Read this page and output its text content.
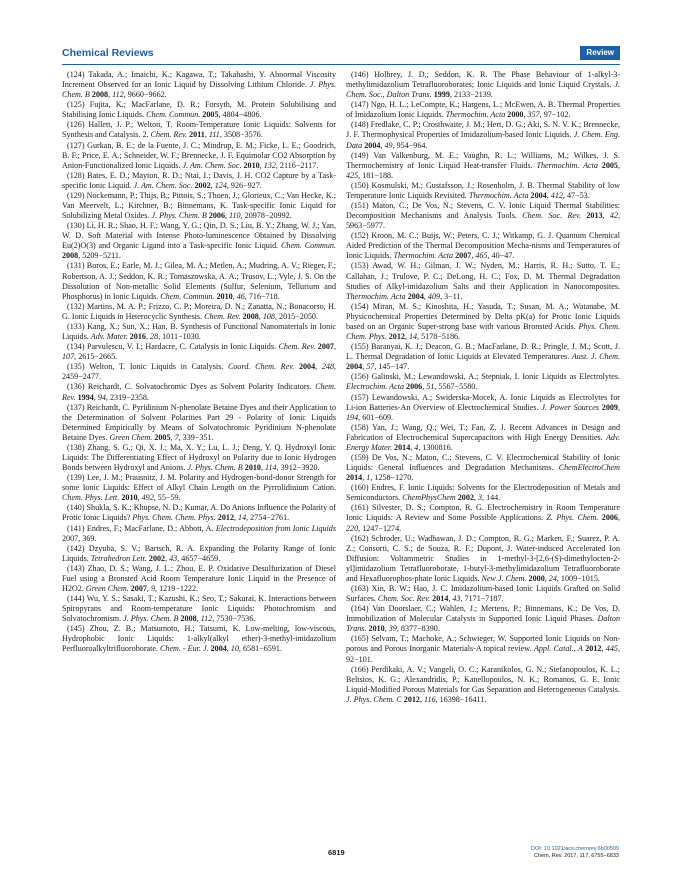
Chemical Reviews	Review

(124) Takada, A.; Imaichi, K.; Kagawa, T.; Takahashi, Y. Abnormal Viscosity Increment Observed for an Ionic Liquid by Dissolving Lithium Chloride. J. Phys. Chem. B 2008, 112, 9660−9662.

(125) Fujita, K.; MacFarlane, D. R.; Forsyth, M. Protein Solubilising and Stabilising Ionic Liquids. Chem. Commun. 2005, 4804−4806.

(126) Hallett, J. P.; Welton, T. Room-Temperature Ionic Liquids: Solvents for Synthesis and Catalysis. 2. Chem. Rev. 2011, 111, 3508−3576.

(127) Gurkan, B. E.; de la Fuente, J. C.; Mindrup, E. M.; Ficke, L. E.; Goodrich, B. F.; Price, E. A.; Schneider, W. F.; Brennecke, J. F. Equimolar CO2 Absorption by Anion-Functionalized Ionic Liquids. J. Am. Chem. Soc. 2010, 132, 2116−2117.

(128) Bates, E. D.; Mayton, R. D.; Ntai, I.; Davis, J. H. CO2 Capture by a Task-specific Ionic Liquid. J. Am. Chem. Soc. 2002, 124, 926−927.

(129) Nockemann, P.; Thijs, B.; Pittois, S.; Thoen, J.; Glorieux, C.; Van Hecke, K.; Van Meervelt, L.; Kirchner, B.; Binnemans, K. Task-specific Ionic Liquid for Solubilizing Metal Oxides. J. Phys. Chem. B 2006, 110, 20978−20992.

(130) Li, H. R.; Shao, H. F.; Wang, Y. G.; Qin, D. S.; Liu, B. Y.; Zhang, W. J.; Yan, W. D. Soft Material with Intense Photo-luminescence Obtained by Dissolving Eu(2)O(3) and Organic Ligand into a Task-specific Ionic Liquid. Chem. Commun. 2008, 5209−5211.

(131) Boros, E.; Earle, M. J.; Gilea, M. A.; Metlen, A.; Mudring, A. V.; Rieger, F.; Robertson, A. J.; Seddon, K. R.; Tomaszowska, A. A.; Trusov, L.; Vyle, J. S. On the Dissolution of Non-metallic Solid Elements (Sulfur, Selenium, Tellurium and Phosphorus) in Ionic Liquids. Chem. Commun. 2010, 46, 716−718.

(132) Martins, M. A. P.; Frizzo, C. P.; Moreira, D. N.; Zanatta, N.; Bonacorso, H. G. Ionic Liquids in Heterocyclic Synthesis. Chem. Rev. 2008, 108, 2015−2050.

(133) Kang, X.; Sun, X.; Han, B. Synthesis of Functional Nanomaterials in Ionic Liquids. Adv. Mater. 2016, 28, 1011−1030.

(134) Parvulescu, V. I.; Hardacre, C. Catalysis in Ionic Liquids. Chem. Rev. 2007, 107, 2615−2665.

(135) Welton, T. Ionic Liquids in Catalysis. Coord. Chem. Rev. 2004, 248, 2459−2477.

(136) Reichardt, C. Solvatochromic Dyes as Solvent Polarity Indicators. Chem. Rev. 1994, 94, 2319−2358.

(137) Reichardt, C. Pyridinium N-phenolate Betaine Dyes and their Application to the Determination of Solvent Polarities Part 29 - Polarity of Ionic Liquids Determined Empirically by Means of Solvatochromic Pyridinium N-phenolate Betaine Dyes. Green Chem. 2005, 7, 339−351.

(138) Zhang, S. G.; Qi, X. J.; Ma, X. Y.; Lu, L. J.; Deng, Y. Q. Hydroxyl Ionic Liquids: The Differentiating Effect of Hydroxyl on Polarity due to Ionic Hydrogen Bonds between Hydroxyl and Anions. J. Phys. Chem. B 2010, 114, 3912−3920.

(139) Lee, J. M.; Prausnitz, J. M. Polarity and Hydrogen-bond-donor Strength for some Ionic Liquids: Effect of Alkyl Chain Length on the Pyrrolidinium Cation. Chem. Phys. Lett. 2010, 492, 55−59.

(140) Shukla, S. K.; Khupse, N. D.; Kumar, A. Do Anions Influence the Polarity of Protic Ionic Liquids? Phys. Chem. Chem. Phys. 2012, 14, 2754−2761.

(141) Endres, F.; MacFarlane, D.; Abbott, A. Electrodeposition from Ionic Liquids 2007, 369.

(142) Dzyuba, S. V.; Bartsch, R. A. Expanding the Polarity Range of Ionic Liquids. Tetrahedron Lett. 2002, 43, 4657−4659.

(143) Zhao, D. S.; Wang, J. L.; Zhou, E. P. Oxidative Desulfurization of Diesel Fuel using a Bronsted Acid Room Temperature Ionic Liquid in the Presence of H2O2. Green Chem. 2007, 9, 1219−1222.

(144) Wu, Y. S.; Sasaki, T.; Kazushi, K.; Seo, T.; Sakurai, K. Interactions between Spiropyrans and Room-temperature Ionic Liquids: Photochromism and Solvatochromism. J. Phys. Chem. B 2008, 112, 7530−7536.

(145) Zhou, Z. B.; Matsumoto, H.; Tatsumi, K. Low-melting, low-viscous, Hydrophobic Ionic Liquids: 1-alkyl(alkyl ether)-3-methyl-imidazolium Perfluoroalkyltrifluoroborate. Chem. - Eur. J. 2004, 10, 6581−6591.

(146) Holbrey, J. D.; Seddon, K. R. The Phase Behaviour of 1-alkyl-3-methylimidazolium Tetrafluoroborates; Ionic Liquids and Ionic Liquid Crystals. J. Chem. Soc., Dalton Trans. 1999, 2133−2139.

(147) Ngo, H. L.; LeCompte, K.; Hargens, L.; McEwen, A. B. Thermal Properties of Imidazolium Ionic Liquids. Thermochim. Acta 2000, 357, 97−102.

(148) Fredlake, C. P.; Crosthwaite, J. M.; Hert, D. G.; Aki, S. N. V. K.; Brennecke, J. F. Thermophysical Properties of Imidazolium-based Ionic Liquids. J. Chem. Eng. Data 2004, 49, 954−964.

(149) Van Valkenburg, M. E.; Vaughn, R. L.; Williams, M.; Wilkes, J. S. Thermochemistry of Ionic Liquid Heat-transfer Fluids. Thermochim. Acta 2005, 425, 181−188.

(150) Kosmulski, M.; Gustafsson, J.; Rosenholm, J. B. Thermal Stability of low Temperature Ionic Liquids Revisited. Thermochim. Acta 2004, 412, 47−53.

(151) Maton, C.; De Vos, N.; Stevens, C. V. Ionic Liquid Thermal Stabilities: Decomposition Mechanisms and Analysis Tools. Chem. Soc. Rev. 2013, 42, 5963−5977.

(152) Kroon, M. C.; Buijs, W.; Peters, C. J.; Witkamp, G. J. Quantum Chemical Aided Prediction of the Thermal Decomposition Mecha-nisms and Temperatures of Ionic Liquids. Thermochim. Acta 2007, 465, 40−47.

(153) Awad, W. H.; Gilman, J. W.; Nyden, M.; Harris, R. H.; Sutto, T. E.; Callahan, J.; Trulove, P. C.; DeLong, H. C.; Fox, D. M. Thermal Degradation Studies of Alkyl-imidazolium Salts and their Application in Nanocomposites. Thermochim. Acta 2004, 409, 3−11.

(154) Miran, M. S.; Kinoshita, H.; Yasuda, T.; Susan, M. A.; Watanabe, M. Physicochemical Properties Determined by Delta pK(a) for Protic Ionic Liquids based on an Organic Super-strong base with various Bronsted Acids. Phys. Chem. Chem. Phys. 2012, 14, 5178−5186.

(155) Baranyai, K. J.; Deacon, G. B.; MacFarlane, D. R.; Pringle, J. M.; Scott, J. L. Thermal Degradation of Ionic Liquids at Elevated Temperatures. Aust. J. Chem. 2004, 57, 145−147.

(156) Galinski, M.; Lewandowski, A.; Stepniak, I. Ionic Liquids as Electrolytes. Electrochim. Acta 2006, 51, 5567−5580.

(157) Lewandowski, A.; Swiderska-Mocek, A. Ionic Liquids as Electrolytes for Li-ion Batteries-An Overview of Electrochemical Studies. J. Power Sources 2009, 194, 601−609.

(158) Yan, J.; Wang, Q.; Wei, T.; Fan, Z. J. Recent Advances in Design and Fabrication of Electrochemical Supercapacitors with High Energy Densities. Adv. Energy Mater. 2014, 4, 1300816.

(159) De Vos, N.; Maton, C.; Stevens, C. V. Electrochemical Stability of Ionic Liquids: General Influences and Degradation Mechanisms. ChemElectroChem 2014, 1, 1258−1270.

(160) Endres, F. Ionic Liquids: Solvents for the Electrodeposition of Metals and Semiconductors. ChemPhysChem 2002, 3, 144.

(161) Silvester, D. S.; Compton, R. G. Electrochemistry in Room Temperature Ionic Liquids: A Review and Some Possible Applications. Z. Phys. Chem. 2006, 220, 1247−1274.

(162) Schroder, U.; Wadhawan, J. D.; Compton, R. G.; Marken, F.; Suarez, P. A. Z.; Consorti, C. S.; de Souza, R. F.; Dupont, J. Water-induced Accelerated Ion Diffusion: Voltammetric Studies in 1-methyl-3-[2,6-(S)-dimethylocten-2-yl]imidazolium Tetrafluoroborate, 1-butyl-3-methylimidazolium Tetrafluoroborate and Hexafluorophos-phate Ionic Liquids. New J. Chem. 2000, 24, 1009−1015.

(163) Xin, B. W.; Hao, J. C. Imidazolium-based Ionic Liquids Grafted on Solid Surfaces. Chem. Soc. Rev. 2014, 43, 7171−7187.

(164) Van Doorslaer, C.; Wahlen, J.; Mertens, P.; Binnemans, K.; De Vos, D. Immobilization of Molecular Catalysts in Supported Ionic Liquid Phases. Dalton Trans. 2010, 39, 8377−8390.

(165) Selvam, T.; Machoke, A.; Schwieger, W. Supported Ionic Liquids on Non-porous and Porous Inorganic Materials-A topical review. Appl. Catal., A 2012, 445, 92−101.

(166) Perdikaki, A. V.; Vangeli, O. C.; Karanikolos, G. N.; Stefanopoulos, K. L.; Beltsios, K. G.; Alexandridis, P.; Kanellopoulos, N. K.; Romanos, G. E. Ionic Liquid-Modified Porous Materials for Gas Separation and Heterogeneous Catalysis. J. Phys. Chem. C 2012, 116, 16398−16411.

6819	DOI: 10.1021/acs.chemrev.6b00509
Chem. Rev. 2017, 117, 6755−6833
